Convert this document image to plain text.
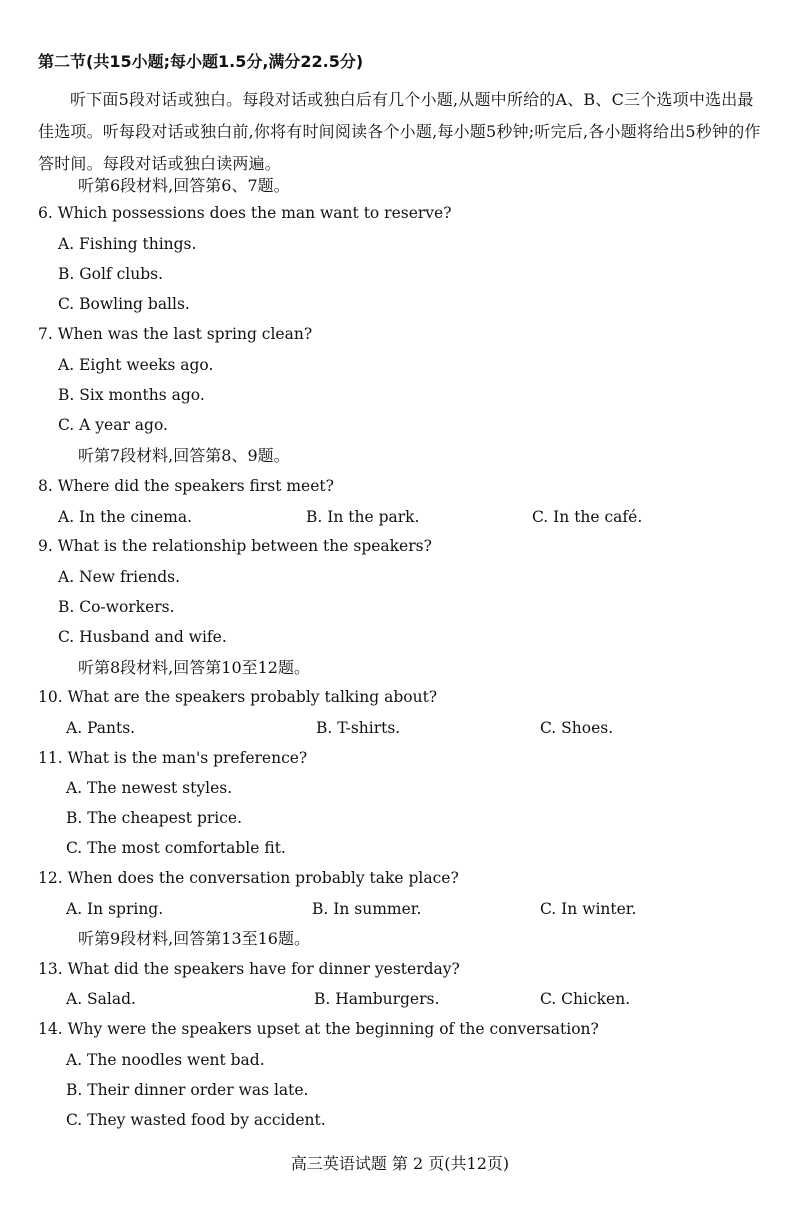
第二节(共15小题;每小题1.5分,满分22.5分)

听下面5段对话或独白。每段对话或独白后有几个小题,从题中所给的A、B、C三个选项中选出最佳选项。听每段对话或独白前,你将有时间阅读各个小题,每小题5秒钟;听完后,各小题将给出5秒钟的作答时间。每段对话或独白读两遍。

听第6段材料,回答第6、7题。
6. Which possessions does the man want to reserve?
A. Fishing things.
B. Golf clubs.
C. Bowling balls.
7. When was the last spring clean?
A. Eight weeks ago.
B. Six months ago.
C. A year ago.
听第7段材料,回答第8、9题。
8. Where did the speakers first meet?
A. In the cinema.	B. In the park.	C. In the café.
9. What is the relationship between the speakers?
A. New friends.
B. Co-workers.
C. Husband and wife.
听第8段材料,回答第10至12题。
10. What are the speakers probably talking about?
A. Pants.	B. T-shirts.	C. Shoes.
11. What is the man's preference?
A. The newest styles.
B. The cheapest price.
C. The most comfortable fit.
12. When does the conversation probably take place?
A. In spring.	B. In summer.	C. In winter.
听第9段材料,回答第13至16题。
13. What did the speakers have for dinner yesterday?
A. Salad.	B. Hamburgers.	C. Chicken.
14. Why were the speakers upset at the beginning of the conversation?
A. The noodles went bad.
B. Their dinner order was late.
C. They wasted food by accident.
高三英语试题 第 2 页(共12页)
